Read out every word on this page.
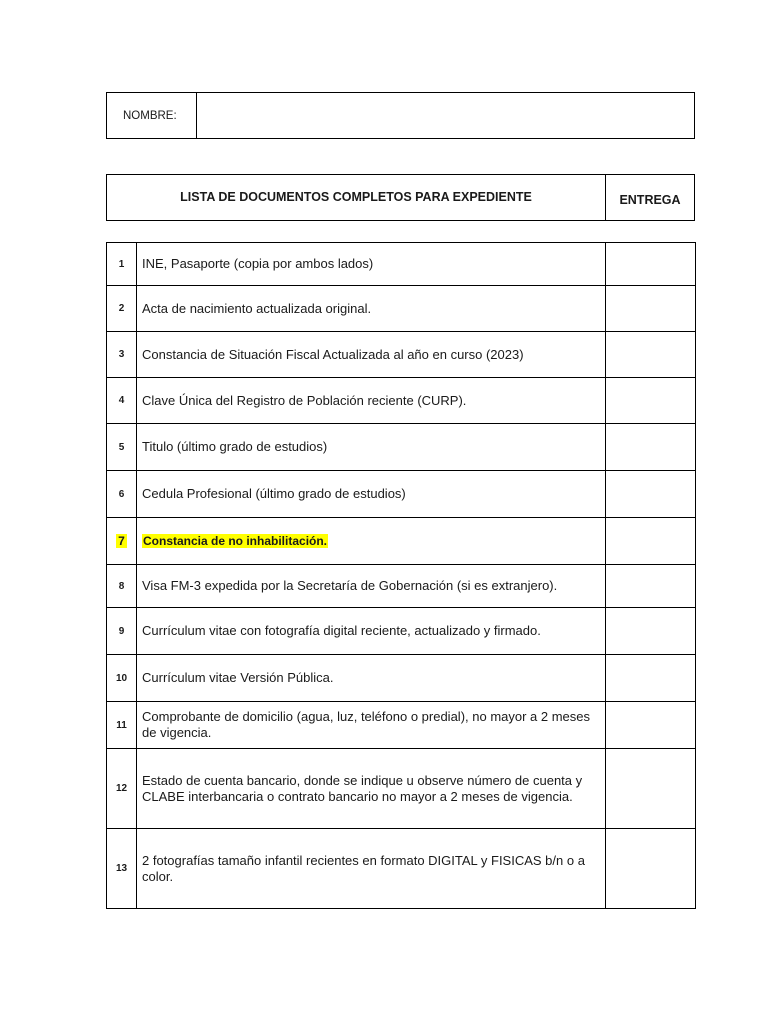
NOMBRE:	
LISTA DE DOCUMENTOS COMPLETOS PARA EXPEDIENTE	ENTREGA
1	INE, Pasaporte (copia por ambos lados)	
2	Acta de nacimiento actualizada original.	
3	Constancia de Situación Fiscal Actualizada al año en curso (2023)	
4	Clave Única del Registro de Población reciente (CURP).	
5	Titulo (último grado de estudios)	
6	Cedula Profesional (último grado de estudios)	
7	Constancia de no inhabilitación.	
8	Visa FM-3 expedida por la Secretaría de Gobernación (si es extranjero).	
9	Currículum vitae con fotografía digital reciente, actualizado y firmado.	
10	Currículum vitae Versión Pública.	
11	Comprobante de domicilio (agua, luz, teléfono o predial), no mayor a 2 meses de vigencia.	
12	Estado de cuenta bancario, donde se indique u observe número de cuenta y CLABE interbancaria o contrato bancario no mayor a 2 meses de vigencia.	
13	2 fotografías tamaño infantil recientes en formato DIGITAL y FISICAS b/n o a color.	
